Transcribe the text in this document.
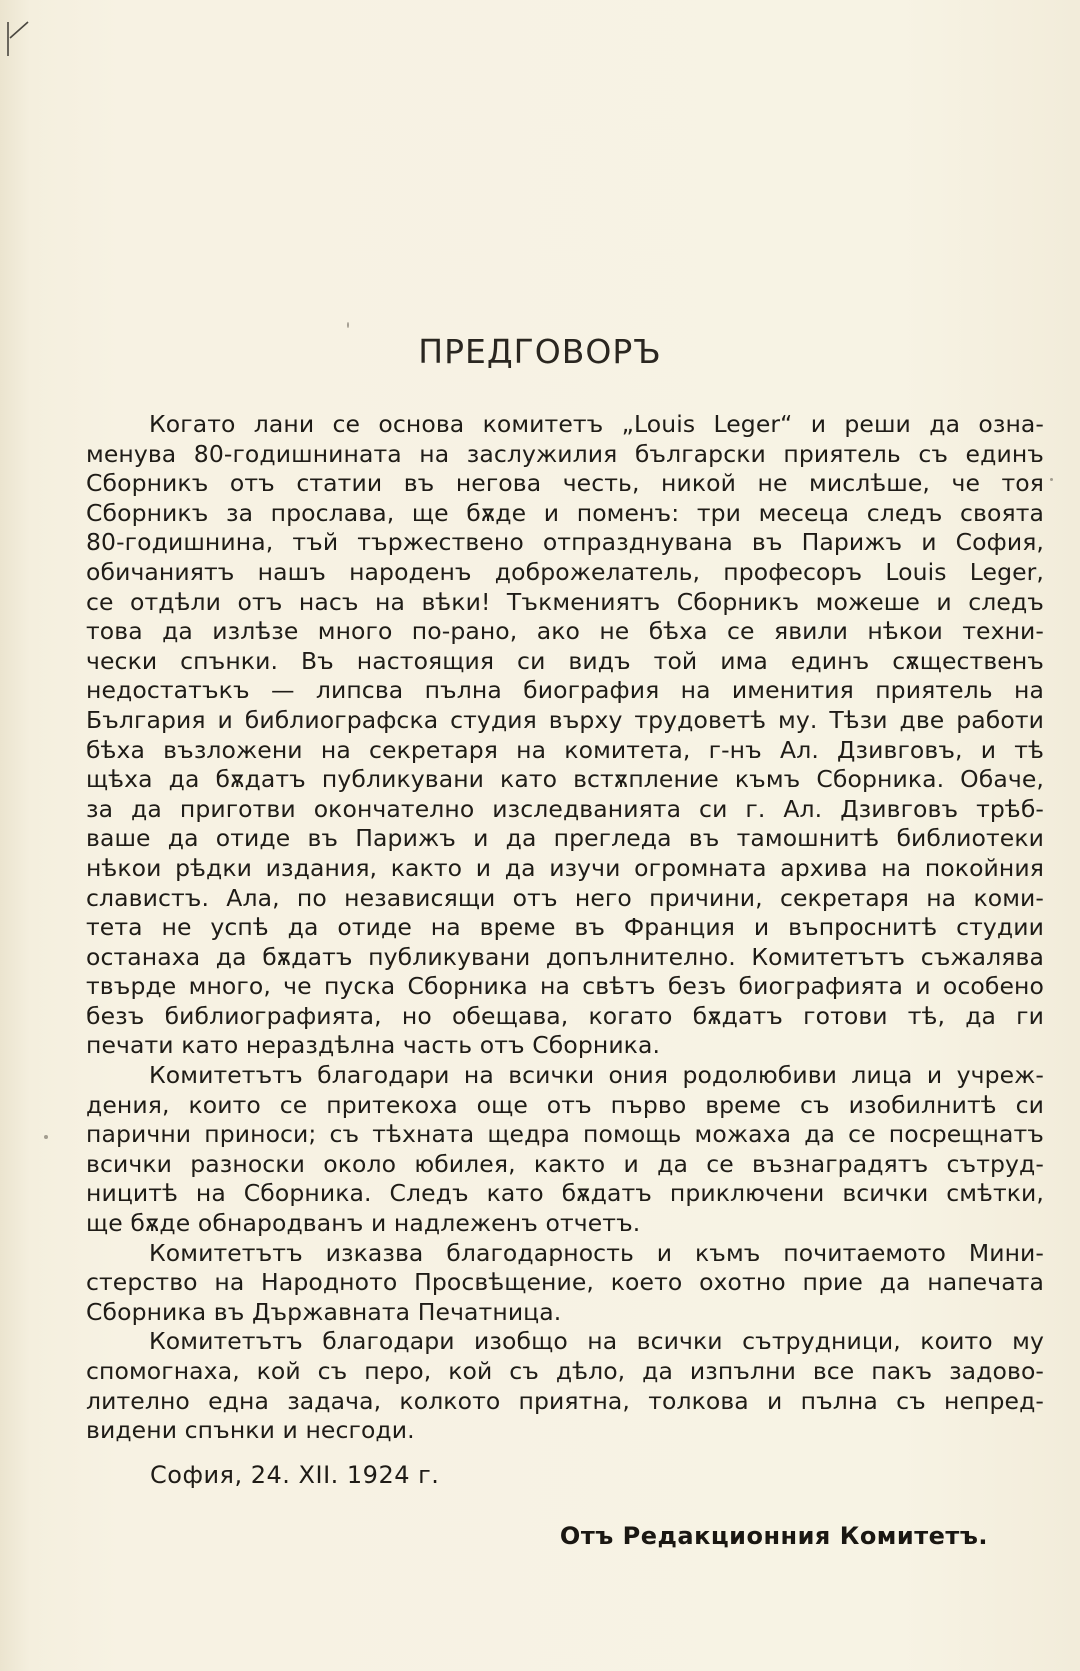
ПРЕДГОВОРЪ
Когато лани се основа комитетъ „Louis Leger“ и реши да озна-
менува 80-годишнината на заслужилия български приятель съ единъ
Сборникъ отъ статии въ негова честь, никой не мислѣше, че тоя
Сборникъ за прослава, ще бѫде и поменъ: три месеца следъ своята
80-годишнина, тъй тържествено отпразднувана въ Парижъ и София,
обичаниятъ нашъ народенъ доброжелатель, професоръ Louis Leger,
се отдѣли отъ насъ на вѣки! Тъкмениятъ Сборникъ можеше и следъ
това да излѣзе много по-рано, ако не бѣха се явили нѣкои техни-
чески спънки. Въ настоящия си видъ той има единъ сѫщественъ
недостатъкъ — липсва пълна биография на именития приятель на
България и библиографска студия върху трудоветѣ му. Тѣзи две работи
бѣха възложени на секретаря на комитета, г-нъ Ал. Дзивговъ, и тѣ
щѣха да бѫдатъ публикувани като встѫпление къмъ Сборника. Обаче,
за да приготви окончателно изследванията си г. Ал. Дзивговъ трѣб-
ваше да отиде въ Парижъ и да прегледа въ тамошнитѣ библиотеки
нѣкои рѣдки издания, както и да изучи огромната архива на покойния
славистъ. Ала, по независящи отъ него причини, секретаря на коми-
тета не успѣ да отиде на време въ Франция и въпроснитѣ студии
останаха да бѫдатъ публикувани допълнително. Комитетътъ съжалява
твърде много, че пуска Сборника на свѣтъ безъ биографията и особено
безъ библиографията, но обещава, когато бѫдатъ готови тѣ, да ги
печати като нераздѣлна часть отъ Сборника.
Комитетътъ благодари на всички ония родолюбиви лица и учреж-
дения, които се притекоха още отъ първо време съ изобилнитѣ си
парични приноси; съ тѣхната щедра помощь можаха да се посрещнатъ
всички разноски около юбилея, както и да се възнаградятъ сътруд-
ницитѣ на Сборника. Следъ като бѫдатъ приключени всички смѣтки,
ще бѫде обнародванъ и надлеженъ отчетъ.
Комитетътъ изказва благодарность и къмъ почитаемото Мини-
стерство на Народното Просвѣщение, което охотно прие да напечата
Сборника въ Държавната Печатница.
Комитетътъ благодари изобщо на всички сътрудници, които му
спомогнаха, кой съ перо, кой съ дѣло, да изпълни все пакъ задово-
лително една задача, колкото приятна, толкова и пълна съ непред-
видени спънки и несгоди.
София, 24. XII. 1924 г.
Отъ Редакционния Комитетъ.
